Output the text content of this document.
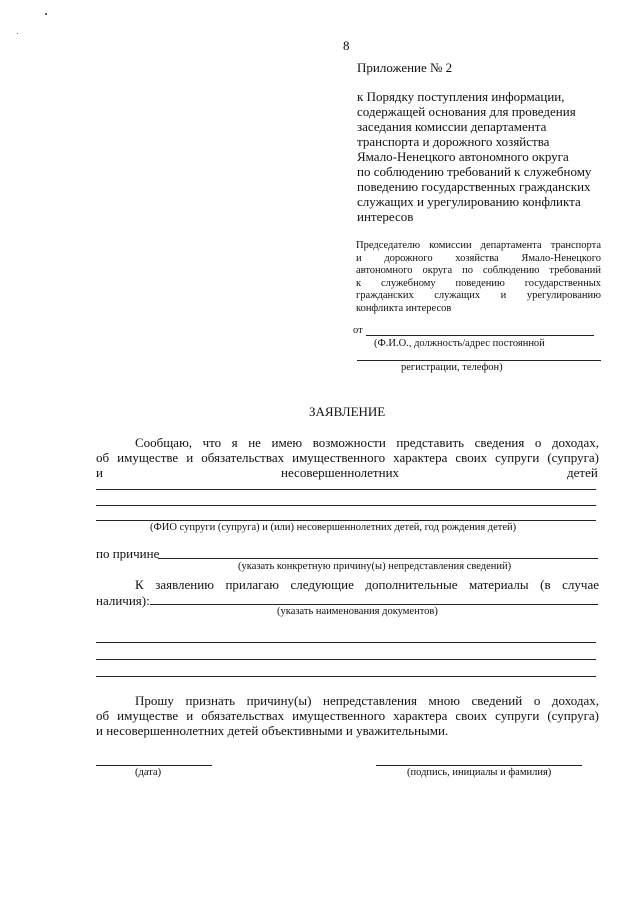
8
Приложение № 2
к Порядку поступления информации,
содержащей основания для проведения
заседания комиссии департамента
транспорта и дорожного хозяйства
Ямало-Ненецкого автономного округа
по соблюдению требований к служебному
поведению государственных гражданских
служащих и урегулированию конфликта
интересов
Председателю комиссии департамента транспорта
и дорожного хозяйства Ямало-Ненецкого
автономного округа по соблюдению требований
к служебному поведению государственных
гражданских служащих и урегулированию
конфликта интересов
от
(Ф.И.О., должность/адрес постоянной
регистрации, телефон)
ЗАЯВЛЕНИЕ
Сообщаю, что я не имею возможности представить сведения о доходах,
об имуществе и обязательствах имущественного характера своих супруги (супруга)
и	несовершеннолетних	детей
(ФИО супруги (супруга) и (или) несовершеннолетних детей, год рождения детей)
по причине
(указать конкретную причину(ы) непредставления сведений)
К заявлению прилагаю следующие дополнительные материалы (в случае
наличия):
(указать наименования документов)
Прошу признать причину(ы) непредставления мною сведений о доходах,
об имуществе и обязательствах имущественного характера своих супруги (супруга)
и несовершеннолетних детей объективными и уважительными.
(дата)	(подпись, инициалы и фамилия)
